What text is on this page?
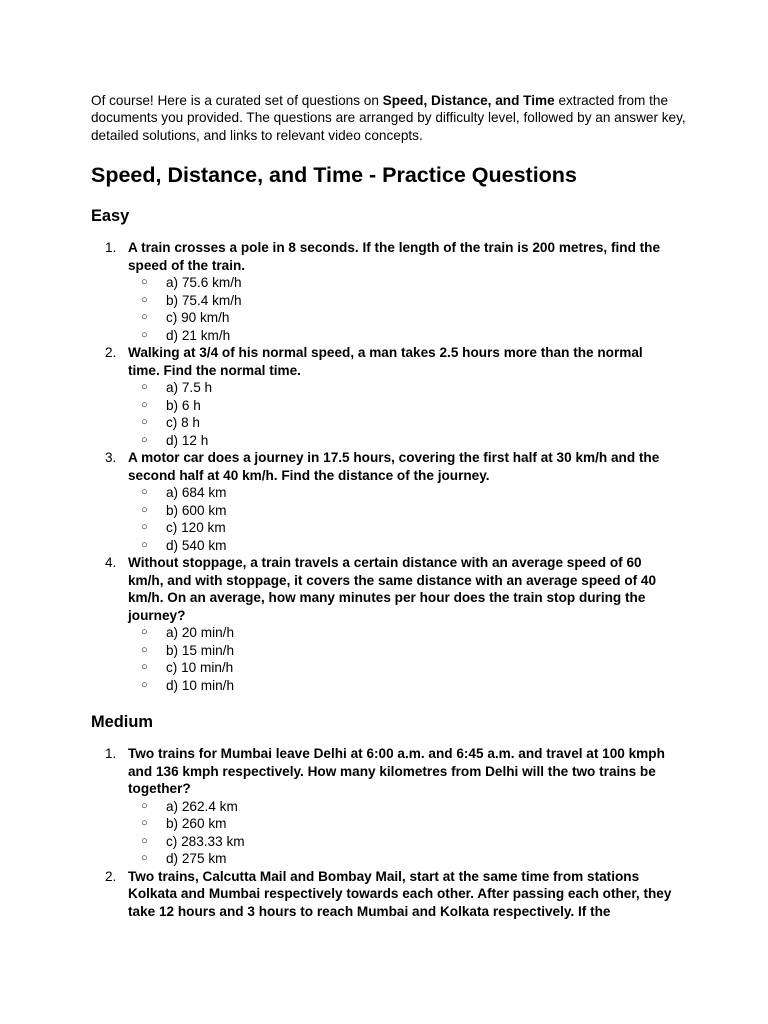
Of course! Here is a curated set of questions on Speed, Distance, and Time extracted from the documents you provided. The questions are arranged by difficulty level, followed by an answer key, detailed solutions, and links to relevant video concepts.

Speed, Distance, and Time - Practice Questions
Easy
1. A train crosses a pole in 8 seconds. If the length of the train is 200 metres, find the speed of the train.
○ a) 75.6 km/h
○ b) 75.4 km/h
○ c) 90 km/h
○ d) 21 km/h
2. Walking at 3/4 of his normal speed, a man takes 2.5 hours more than the normal time. Find the normal time.
○ a) 7.5 h
○ b) 6 h
○ c) 8 h
○ d) 12 h
3. A motor car does a journey in 17.5 hours, covering the first half at 30 km/h and the second half at 40 km/h. Find the distance of the journey.
○ a) 684 km
○ b) 600 km
○ c) 120 km
○ d) 540 km
4. Without stoppage, a train travels a certain distance with an average speed of 60 km/h, and with stoppage, it covers the same distance with an average speed of 40 km/h. On an average, how many minutes per hour does the train stop during the journey?
○ a) 20 min/h
○ b) 15 min/h
○ c) 10 min/h
○ d) 10 min/h
Medium
1. Two trains for Mumbai leave Delhi at 6:00 a.m. and 6:45 a.m. and travel at 100 kmph and 136 kmph respectively. How many kilometres from Delhi will the two trains be together?
○ a) 262.4 km
○ b) 260 km
○ c) 283.33 km
○ d) 275 km
2. Two trains, Calcutta Mail and Bombay Mail, start at the same time from stations Kolkata and Mumbai respectively towards each other. After passing each other, they take 12 hours and 3 hours to reach Mumbai and Kolkata respectively. If the
